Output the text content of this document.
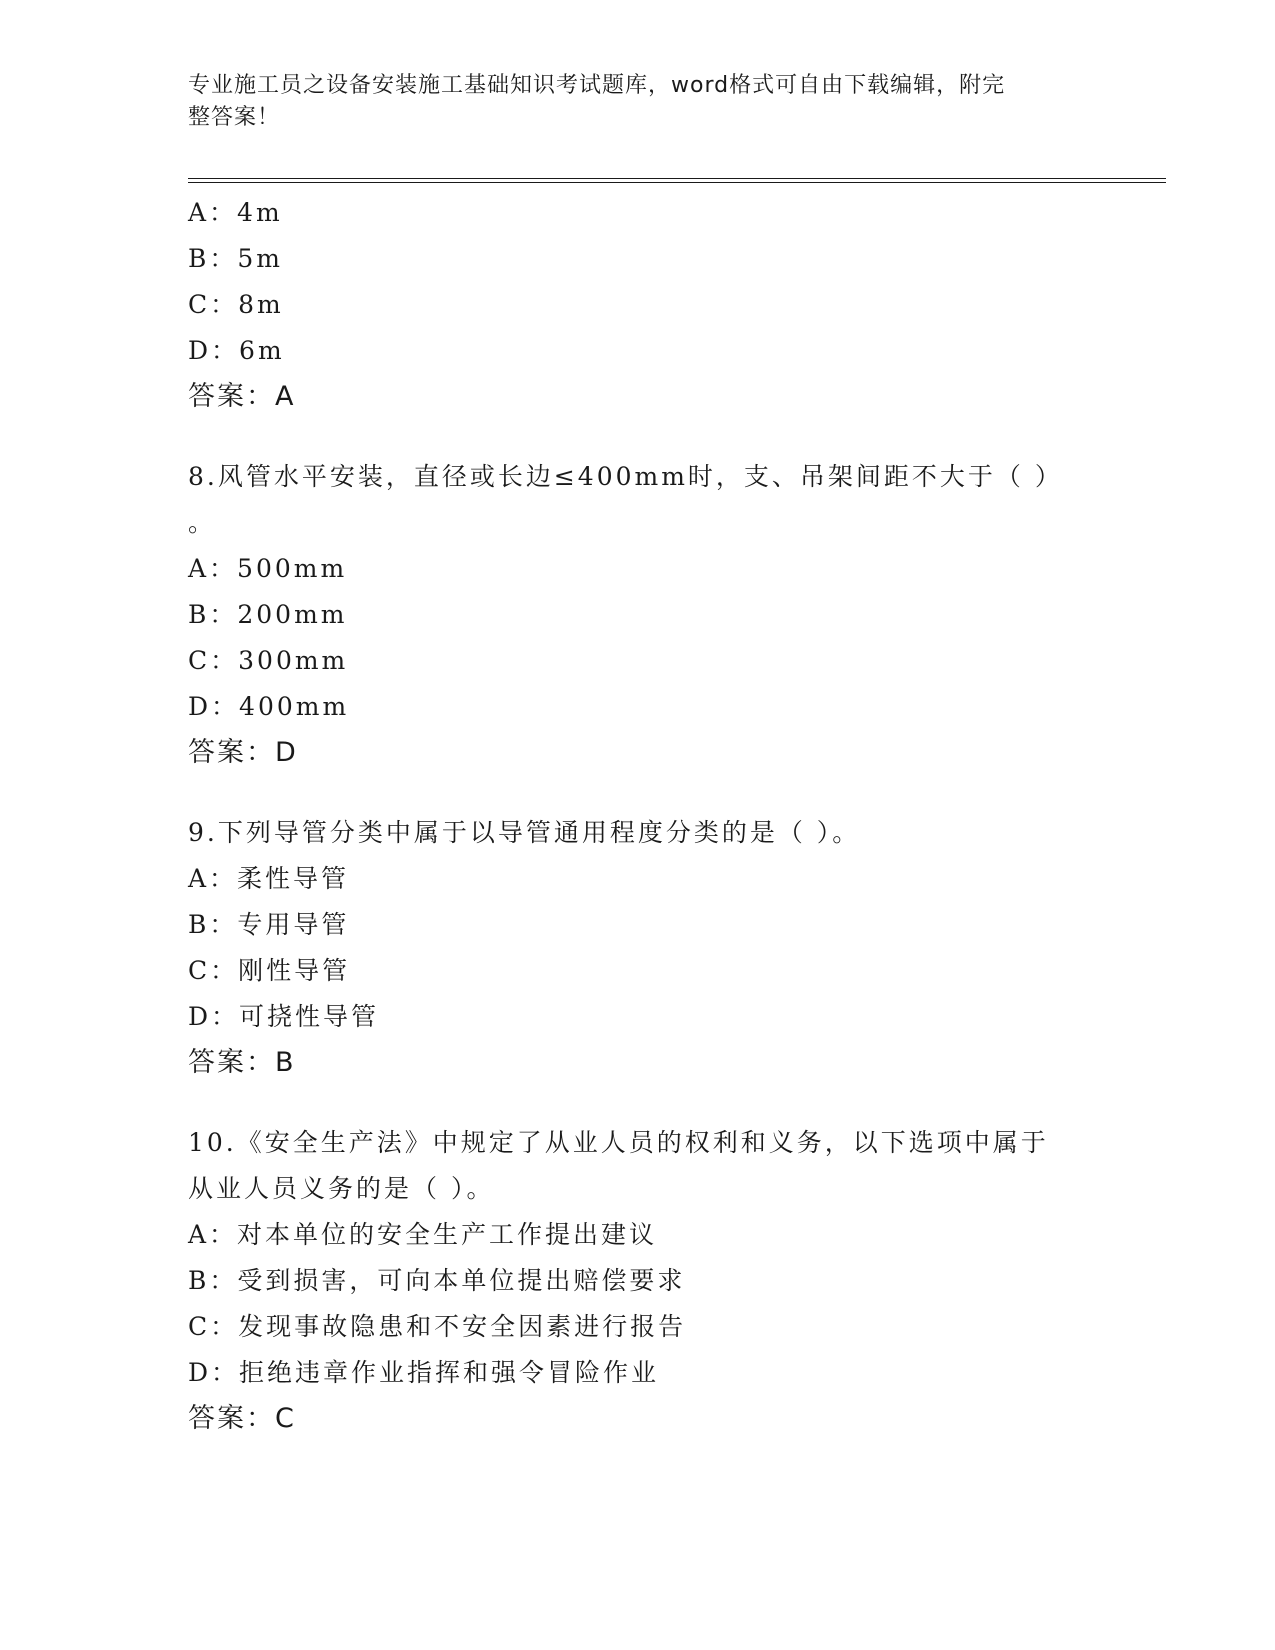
专业施工员之设备安装施工基础知识考试题库，word格式可自由下载编辑，附完
整答案！
A：4m
B：5m
C：8m
D：6m
答案：A
8.风管水平安装，直径或长边≤400mm时，支、吊架间距不大于（ ）
。
A：500mm
B：200mm
C：300mm
D：400mm
答案：D
9.下列导管分类中属于以导管通用程度分类的是（ ）。
A：柔性导管
B：专用导管
C：刚性导管
D：可挠性导管
答案：B
10.《安全生产法》中规定了从业人员的权利和义务，以下选项中属于
从业人员义务的是（ ）。
A：对本单位的安全生产工作提出建议
B：受到损害，可向本单位提出赔偿要求
C：发现事故隐患和不安全因素进行报告
D：拒绝违章作业指挥和强令冒险作业
答案：C
